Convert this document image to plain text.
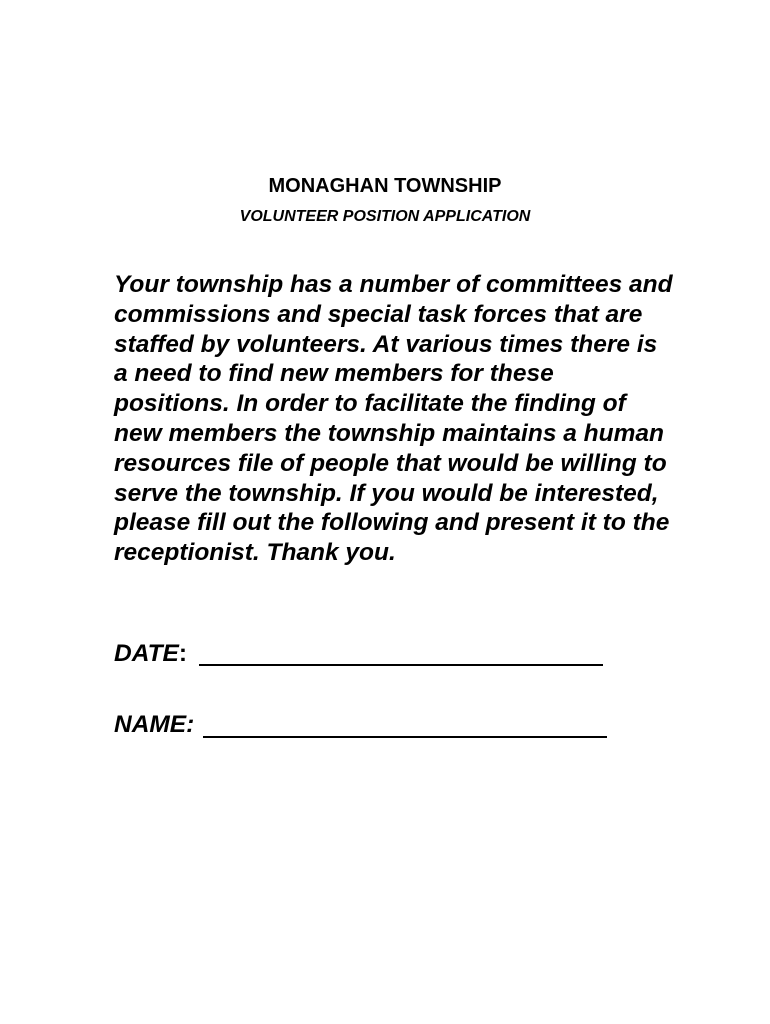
MONAGHAN TOWNSHIP
VOLUNTEER POSITION APPLICATION

Your township has a number of committees and commissions and special task forces that are staffed by volunteers. At various times there is a need to find new members for these positions. In order to facilitate the finding of new members the township maintains a human resources file of people that would be willing to serve the township. If you would be interested, please fill out the following and present it to the receptionist. Thank you.

DATE:
NAME:
